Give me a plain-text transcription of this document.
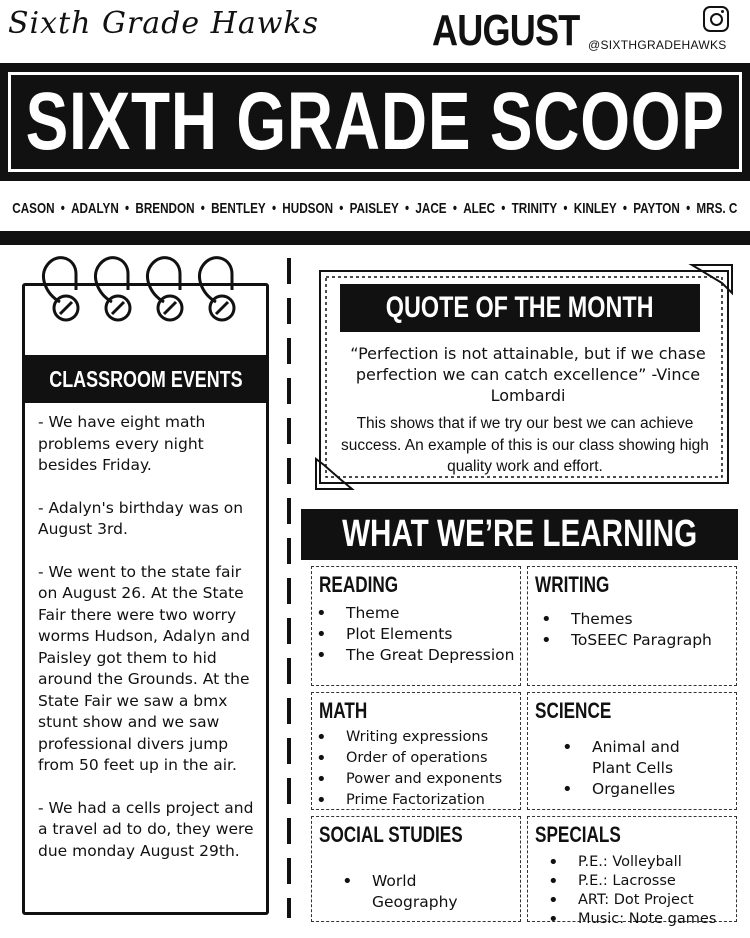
Sixth Grade Hawks	AUGUST @SIXTHGRADEHAWKS
SIXTH GRADE SCOOP
CASON • ADALYN • BRENDON • BENTLEY • HUDSON • PAISLEY • JACE • ALEC • TRINITY • KINLEY • PAYTON • MRS. C
CLASSROOM EVENTS

- We have eight math problems every night besides Friday.

- Adalyn's birthday was on August 3rd.

- We went to the state fair on August 26. At the State Fair there were two worry worms Hudson, Adalyn and Paisley got them to hid around the Grounds. At the State Fair we saw a bmx stunt show and we saw professional divers jump from 50 feet up in the air.

- We had a cells project and a travel ad to do, they were due monday August 29th.

QUOTE OF THE MONTH
“Perfection is not attainable, but if we chase perfection we can catch excellence” -Vince Lombardi
This shows that if we try our best we can achieve success. An example of this is our class showing high quality work and effort.
WHAT WE’RE LEARNING
READING
• Theme
• Plot Elements
• The Great Depression
WRITING
• Themes
• ToSEEC Paragraph
MATH
• Writing expressions
• Order of operations
• Power and exponents
• Prime Factorization
SCIENCE
• Animal and Plant Cells
• Organelles
SOCIAL STUDIES
• World Geography
SPECIALS
• P.E.: Volleyball
• P.E.: Lacrosse
• ART: Dot Project
• Music: Note games
